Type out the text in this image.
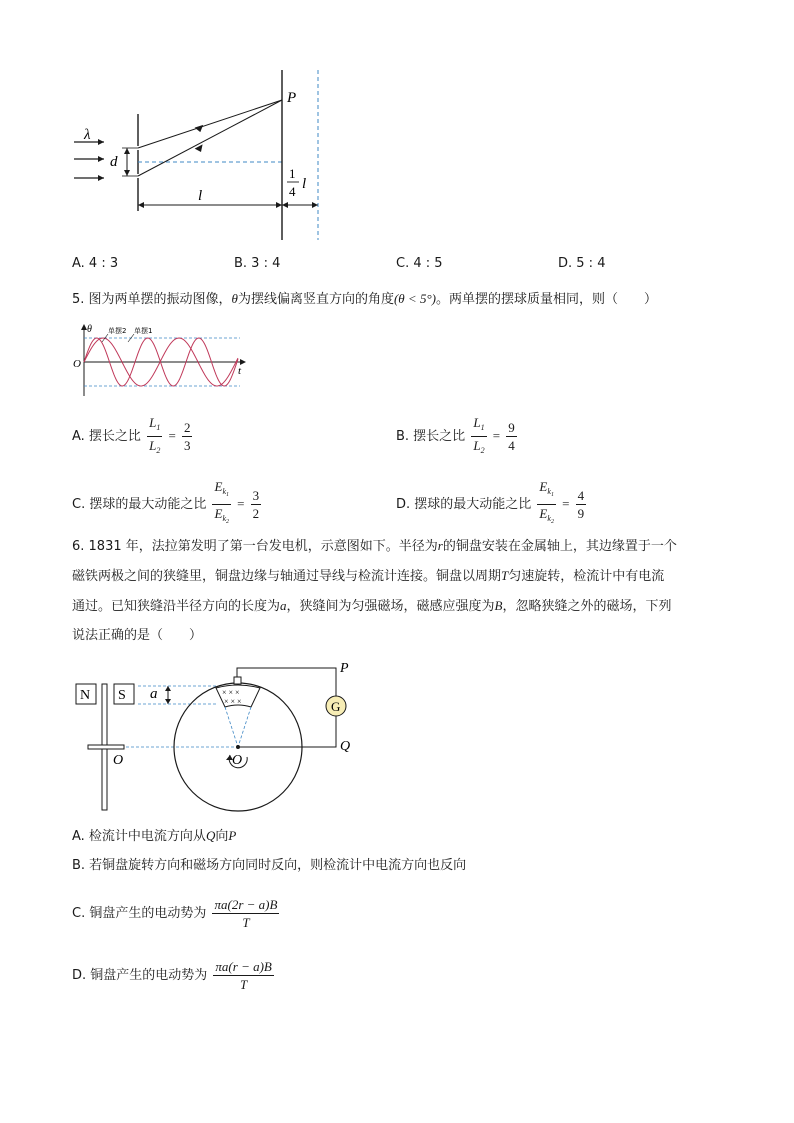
λ
d
P
l
1
4 l
A. 4 : 3	B. 3 : 4	C. 4 : 5	D. 5 : 4
5. 图为两单摆的振动图像，θ为摆线偏离竖直方向的角度(θ < 5°)。两单摆的摆球质量相同，则（　　）
θ
t
O
单摆2 单摆1
A. 摆长之比 $\frac{L_1}{L_2} = \frac{2}{3}$	B. 摆长之比 $\frac{L_1}{L_2} = \frac{9}{4}$
C. 摆球的最大动能之比 $\frac{E_{k_1}}{E_{k_2}} = \frac{3}{2}$	D. 摆球的最大动能之比 $\frac{E_{k_1}}{E_{k_2}} = \frac{4}{9}$
6. 1831 年，法拉第发明了第一台发电机，示意图如下。半径为r的铜盘安装在金属轴上，其边缘置于一个
磁铁两极之间的狭缝里，铜盘边缘与轴通过导线与检流计连接。铜盘以周期T匀速旋转，检流计中有电流
通过。已知狭缝沿半径方向的长度为a，狭缝间为匀强磁场，磁感应强度为B，忽略狭缝之外的磁场，下列
说法正确的是（　　）
N S a
O
× × ×
× × ×	G
P
Q
O
A. 检流计中电流方向从Q向P
B. 若铜盘旋转方向和磁场方向同时反向，则检流计中电流方向也反向
C. 铜盘产生的电动势为 $\frac{\pi a(2r - a)B}{T}$
D. 铜盘产生的电动势为 $\frac{\pi a(r - a)B}{T}$
